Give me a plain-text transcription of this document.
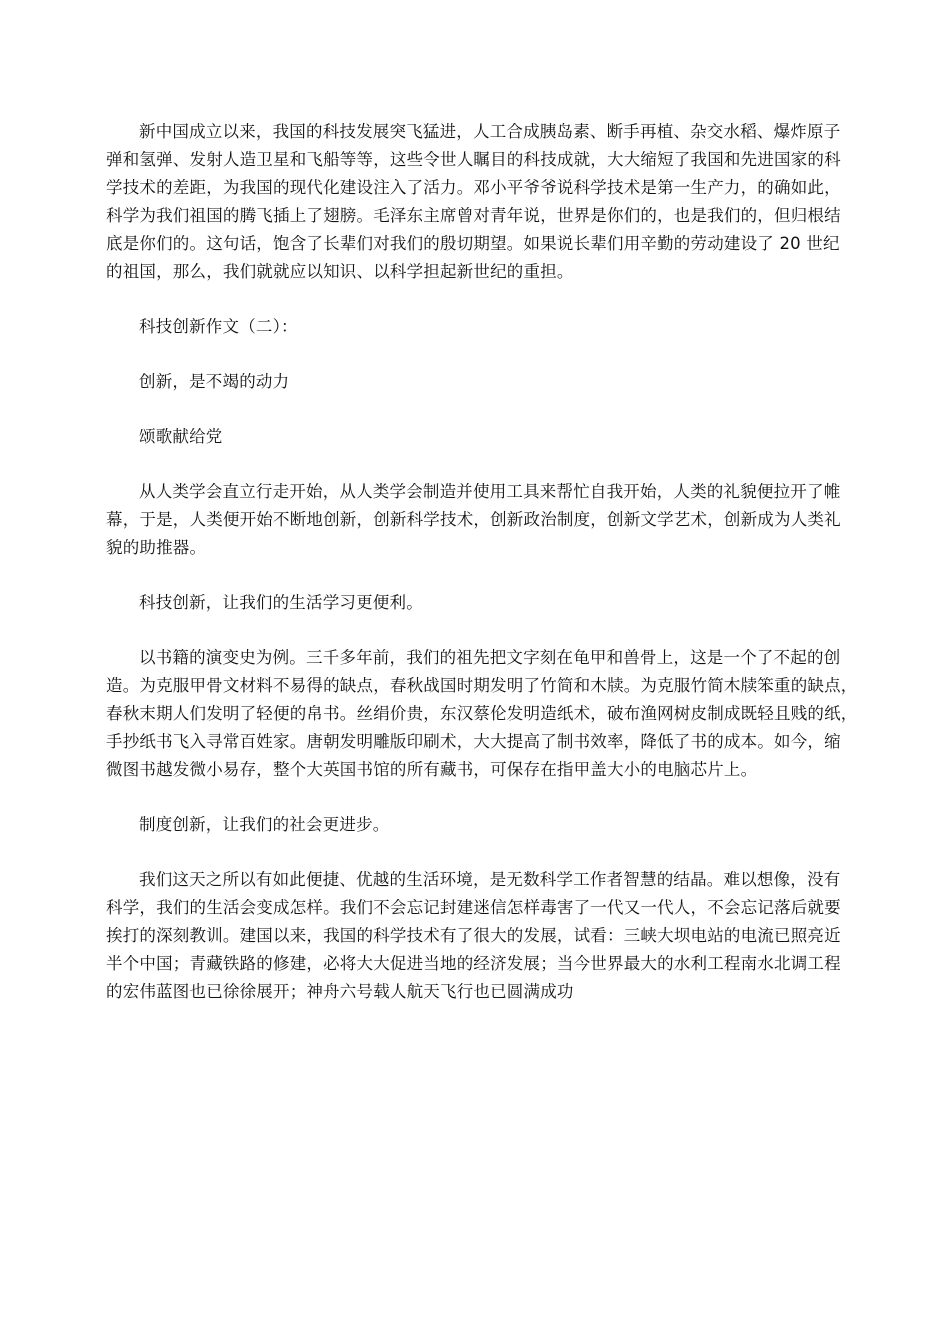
新中国成立以来，我国的科技发展突飞猛进，人工合成胰岛素、断手再植、杂交水稻、爆炸原子
弹和氢弹、发射人造卫星和飞船等等，这些令世人瞩目的科技成就，大大缩短了我国和先进国家的科
学技术的差距，为我国的现代化建设注入了活力。邓小平爷爷说科学技术是第一生产力，的确如此，
科学为我们祖国的腾飞插上了翅膀。毛泽东主席曾对青年说，世界是你们的，也是我们的，但归根结
底是你们的。这句话，饱含了长辈们对我们的殷切期望。如果说长辈们用辛勤的劳动建设了 20 世纪
的祖国，那么，我们就就应以知识、以科学担起新世纪的重担。
科技创新作文（二）：
创新，是不竭的动力
颂歌献给党
从人类学会直立行走开始，从人类学会制造并使用工具来帮忙自我开始，人类的礼貌便拉开了帷
幕，于是，人类便开始不断地创新，创新科学技术，创新政治制度，创新文学艺术，创新成为人类礼
貌的助推器。
科技创新，让我们的生活学习更便利。
以书籍的演变史为例。三千多年前，我们的祖先把文字刻在龟甲和兽骨上，这是一个了不起的创
造。为克服甲骨文材料不易得的缺点，春秋战国时期发明了竹简和木牍。为克服竹简木牍笨重的缺点，
春秋末期人们发明了轻便的帛书。丝绢价贵，东汉蔡伦发明造纸术，破布渔网树皮制成既轻且贱的纸，
手抄纸书飞入寻常百姓家。唐朝发明雕版印刷术，大大提高了制书效率，降低了书的成本。如今，缩
微图书越发微小易存，整个大英国书馆的所有藏书，可保存在指甲盖大小的电脑芯片上。
制度创新，让我们的社会更进步。
我们这天之所以有如此便捷、优越的生活环境，是无数科学工作者智慧的结晶。难以想像，没有
科学，我们的生活会变成怎样。我们不会忘记封建迷信怎样毒害了一代又一代人，不会忘记落后就要
挨打的深刻教训。建国以来，我国的科学技术有了很大的发展，试看：三峡大坝电站的电流已照亮近
半个中国；青藏铁路的修建，必将大大促进当地的经济发展；当今世界最大的水利工程南水北调工程
的宏伟蓝图也已徐徐展开；神舟六号载人航天飞行也已圆满成功
